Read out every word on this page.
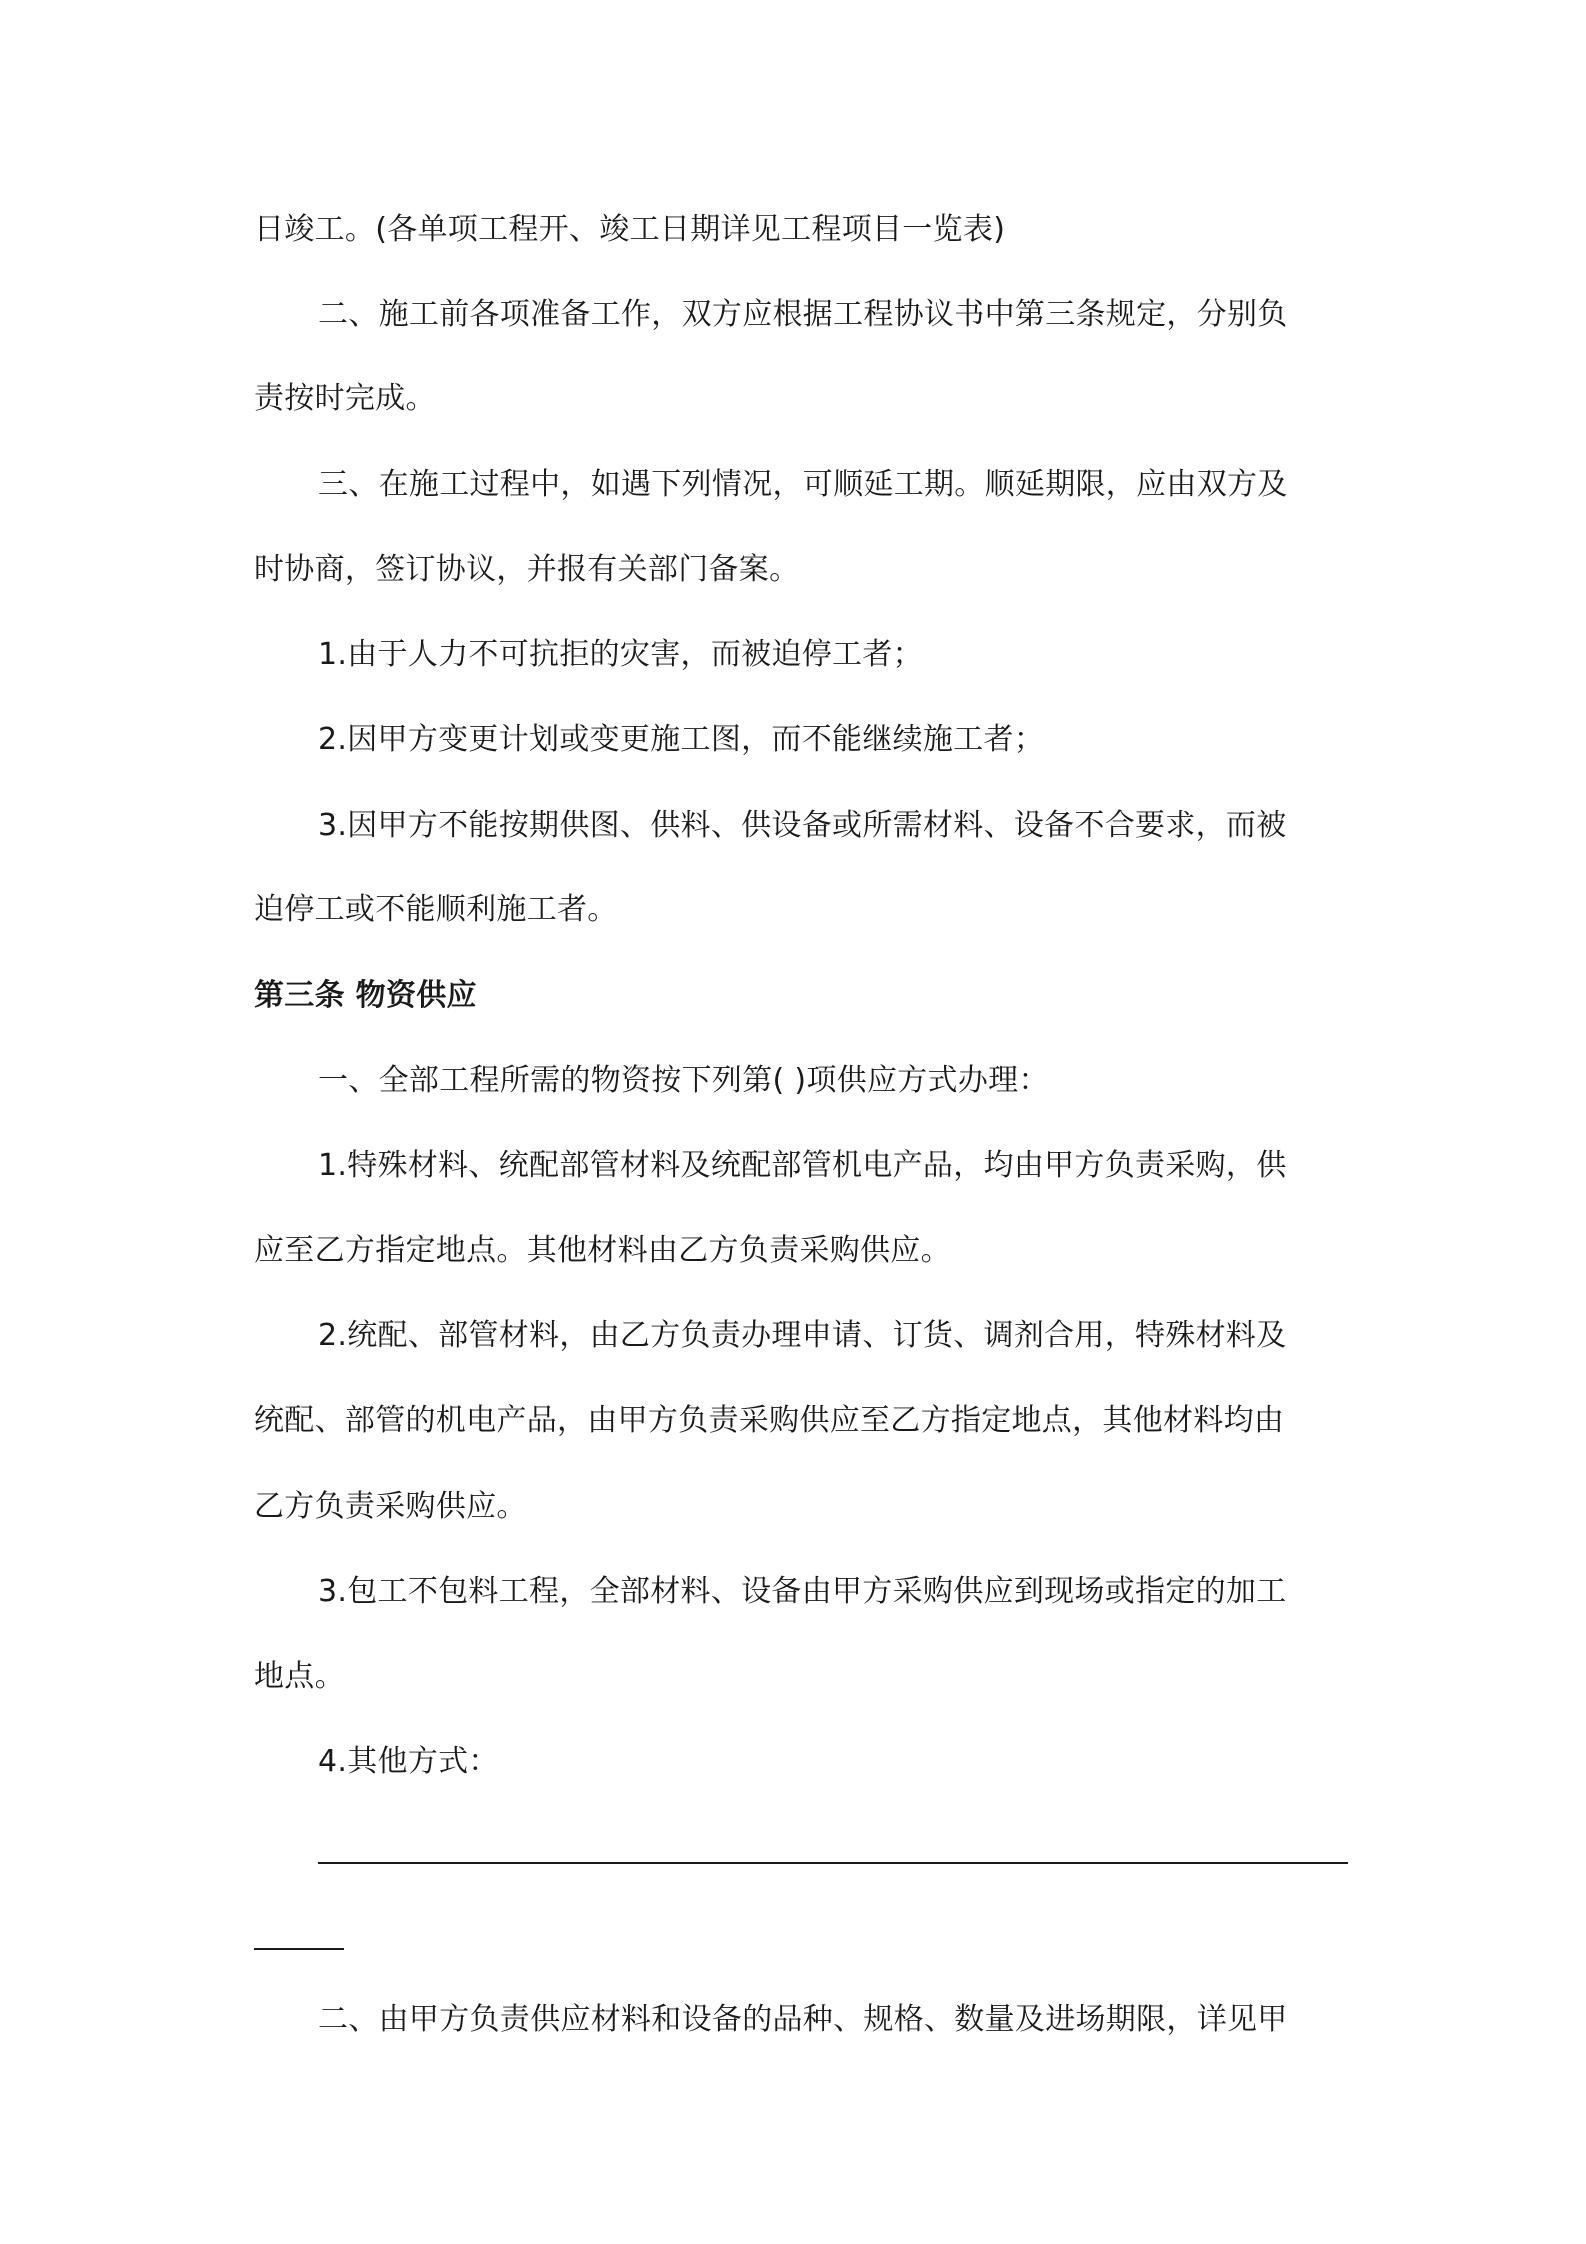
日竣工。(各单项工程开、竣工日期详见工程项目一览表)

二、施工前各项准备工作，双方应根据工程协议书中第三条规定，分别负

责按时完成。

三、在施工过程中，如遇下列情况，可顺延工期。顺延期限，应由双方及

时协商，签订协议，并报有关部门备案。

1.由于人力不可抗拒的灾害，而被迫停工者；

2.因甲方变更计划或变更施工图，而不能继续施工者；

3.因甲方不能按期供图、供料、供设备或所需材料、设备不合要求，而被

迫停工或不能顺利施工者。

第三条 物资供应

一、全部工程所需的物资按下列第( )项供应方式办理：

1.特殊材料、统配部管材料及统配部管机电产品，均由甲方负责采购，供

应至乙方指定地点。其他材料由乙方负责采购供应。

2.统配、部管材料，由乙方负责办理申请、订货、调剂合用，特殊材料及

统配、部管的机电产品，由甲方负责采购供应至乙方指定地点，其他材料均由

乙方负责采购供应。

3.包工不包料工程，全部材料、设备由甲方采购供应到现场或指定的加工

地点。

4.其他方式：

二、由甲方负责供应材料和设备的品种、规格、数量及进场期限，详见甲
